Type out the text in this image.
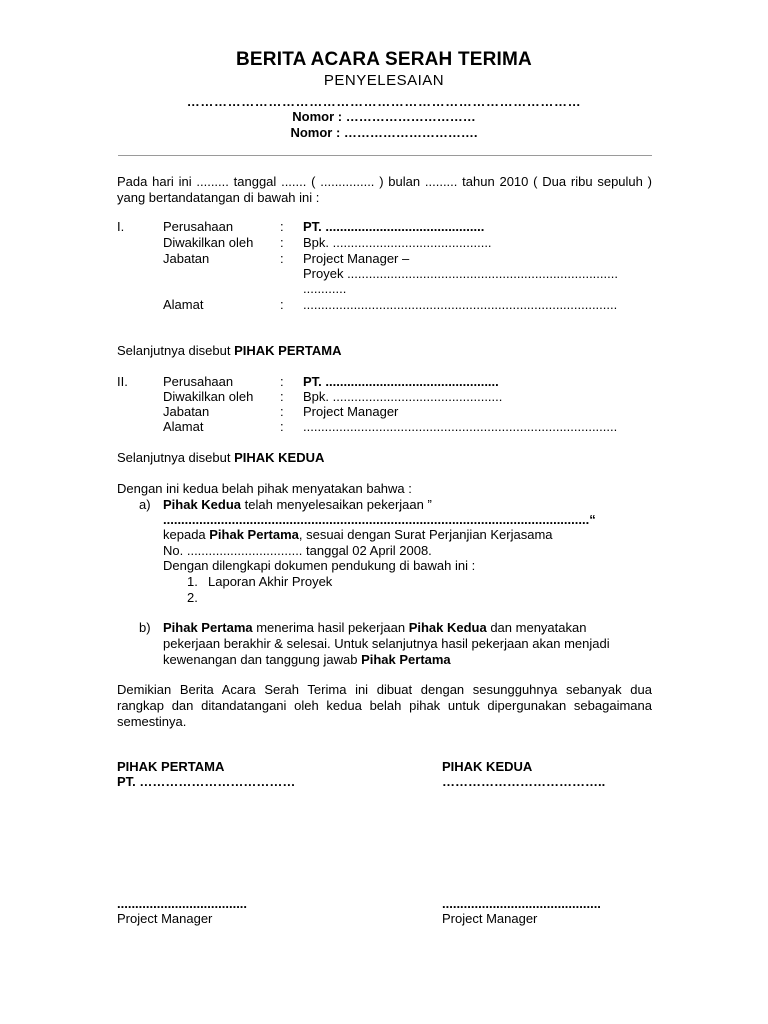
BERITA ACARA SERAH TERIMA
PENYELESAIAN
……………………………………………………………………………
Nomor : …………………………
Nomor : ………………………….
Pada hari ini ......... tanggal ....... ( ............... ) bulan ......... tahun 2010 ( Dua ribu sepuluh ) yang bertandatangan di bawah ini :
I.	Perusahaan	: PT. ............................................
Diwakilkan oleh : Bpk. ............................................
Jabatan	: Project Manager –
Proyek ...........................................................................
............
Alamat	: .......................................................................................
Selanjutnya disebut PIHAK PERTAMA
II.	Perusahaan	: PT. ................................................
Diwakilkan oleh : Bpk. ...............................................
Jabatan	: Project Manager
Alamat	: .......................................................................................
Selanjutnya disebut PIHAK KEDUA
Dengan ini kedua belah pihak menyatakan bahwa :
a) Pihak Kedua telah menyelesaikan pekerjaan ”
......................................................................................................................“
kepada Pihak Pertama, sesuai dengan Surat Perjanjian Kerjasama
No. ................................ tanggal 02 April 2008.
Dengan dilengkapi dokumen pendukung di bawah ini :
1. Laporan Akhir Proyek
2.
b) Pihak Pertama menerima hasil pekerjaan Pihak Kedua dan menyatakan
pekerjaan berakhir & selesai. Untuk selanjutnya hasil pekerjaan akan menjadi
kewenangan dan tanggung jawab Pihak Pertama
Demikian Berita Acara Serah Terima ini dibuat dengan sesungguhnya sebanyak dua rangkap dan ditandatangani oleh kedua belah pihak untuk dipergunakan sebagaimana semestinya.
PIHAK PERTAMA
PT. ………………………………
PIHAK KEDUA
………………………………..
....................................
Project Manager
............................................
Project Manager
